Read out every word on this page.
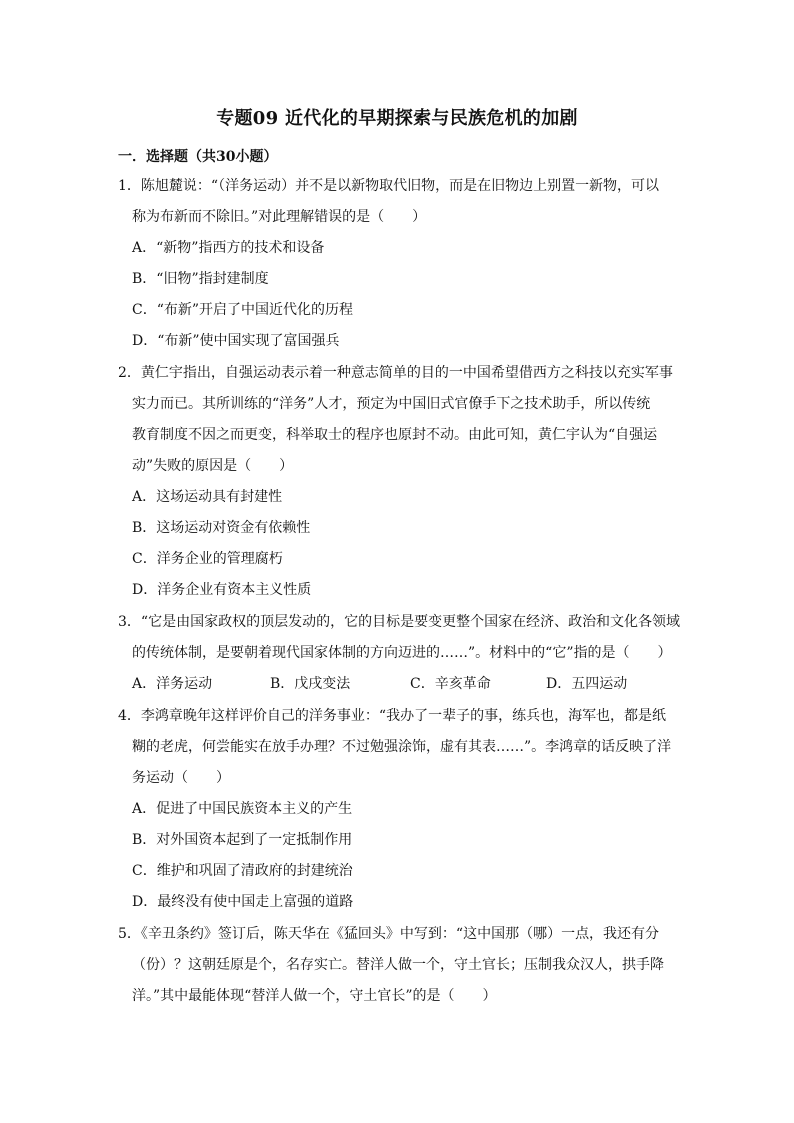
专题09 近代化的早期探索与民族危机的加剧
一．选择题（共30小题）
1．陈旭麓说：“（洋务运动）并不是以新物取代旧物，而是在旧物边上别置一新物，可以
称为布新而不除旧。”对此理解错误的是（　　）
A．“新物”指西方的技术和设备
B．“旧物”指封建制度
C．“布新”开启了中国近代化的历程
D．“布新”使中国实现了富国强兵
2．黄仁宇指出，自强运动表示着一种意志简单的目的一中国希望借西方之科技以充实军事
实力而已。其所训练的“洋务”人才，预定为中国旧式官僚手下之技术助手，所以传统
教育制度不因之而更变，科举取士的程序也原封不动。由此可知，黄仁宇认为“自强运
动”失败的原因是（　　）
A．这场运动具有封建性
B．这场运动对资金有依赖性
C．洋务企业的管理腐朽
D．洋务企业有资本主义性质
3．“它是由国家政权的顶层发动的，它的目标是要变更整个国家在经济、政治和文化各领域
的传统体制，是要朝着现代国家体制的方向迈进的……”。材料中的“它”指的是（　　）
A．洋务运动	B．戊戌变法	C．辛亥革命	D．五四运动
4．李鸿章晚年这样评价自己的洋务事业：“我办了一辈子的事，练兵也，海军也，都是纸
糊的老虎，何尝能实在放手办理？不过勉强涂饰，虚有其表……”。李鸿章的话反映了洋
务运动（　　）
A．促进了中国民族资本主义的产生
B．对外国资本起到了一定抵制作用
C．维护和巩固了清政府的封建统治
D．最终没有使中国走上富强的道路
5．《辛丑条约》签订后，陈天华在《猛回头》中写到：“这中国那（哪）一点，我还有分
（份）？这朝廷原是个，名存实亡。替洋人做一个，守土官长；压制我众汉人，拱手降
洋。”其中最能体现“替洋人做一个，守土官长”的是（　　）
